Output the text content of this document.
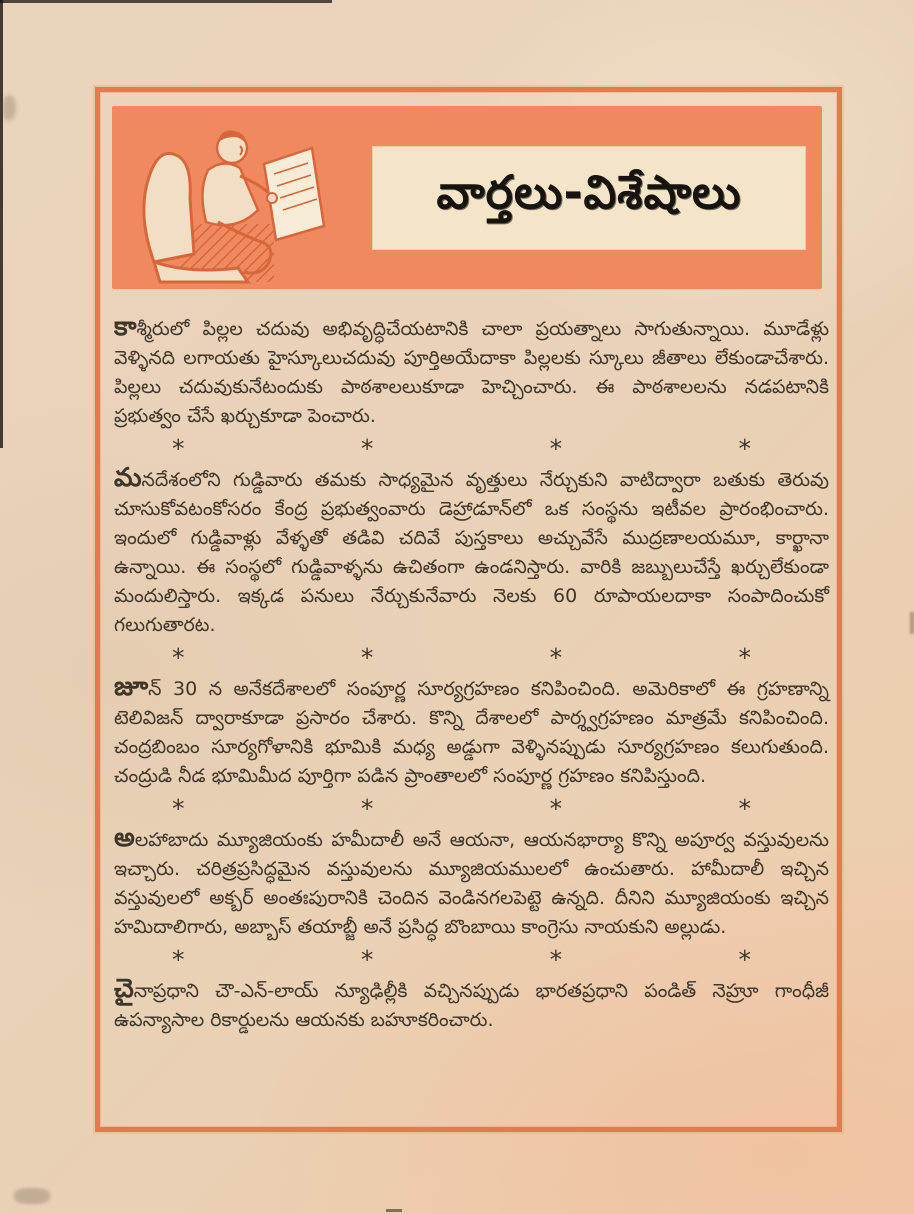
వార్తలు-విశేషాలు

కాశ్మీరులో పిల్లల చదువు అభివృద్ధిచేయటానికి చాలా ప్రయత్నాలు సాగుతున్నాయి. మూడేళ్లు వెళ్ళినది లగాయతు హైస్కూలుచదువు పూర్తిఅయేదాకా పిల్లలకు స్కూలు జీతాలు లేకుండాచేశారు. పిల్లలు చదువుకునేటందుకు పాఠశాలలుకూడా హెచ్చించారు. ఈ పాఠశాలలను నడపటానికి ప్రభుత్వం చేసే ఖర్చుకూడా పెంచారు.

*	*	*	*

మనదేశంలోని గుడ్డివారు తమకు సాధ్యమైన వృత్తులు నేర్చుకుని వాటిద్వారా బతుకు తెరువు చూసుకోవటంకోసరం కేంద్ర ప్రభుత్వంవారు డెహ్రాడూన్‌లో ఒక సంస్థను ఇటీవల ప్రారంభించారు. ఇందులో గుడ్డివాళ్లు వేళ్ళతో తడివి చదివే పుస్తకాలు అచ్చువేసే ముద్రణాలయమూ, కార్ఖానా ఉన్నాయి. ఈ సంస్థలో గుడ్డివాళ్ళను ఉచితంగా ఉండనిస్తారు. వారికి జబ్బులుచేస్తే ఖర్చులేకుండా మందులిస్తారు. ఇక్కడ పనులు నేర్చుకునేవారు నెలకు 60 రూపాయలదాకా సంపాదించుకో గలుగుతారట.

*	*	*	*

జూన్ 30 న అనేకదేశాలలో సంపూర్ణ సూర్యగ్రహణం కనిపించింది. అమెరికాలో ఈ గ్రహణాన్ని టెలివిజన్ ద్వారాకూడా ప్రసారం చేశారు. కొన్ని దేశాలలో పార్శ్వగ్రహణం మాత్రమే కనిపించింది. చంద్రబింబం సూర్యగోళానికి భూమికి మధ్య అడ్డుగా వెళ్ళినప్పుడు సూర్యగ్రహణం కలుగుతుంది. చంద్రుడి నీడ భూమిమీద పూర్తిగా పడిన ప్రాంతాలలో సంపూర్ణ గ్రహణం కనిపిస్తుంది.

*	*	*	*

అలహాబాదు మ్యూజియంకు హమీదాలీ అనే ఆయనా, ఆయనభార్యా కొన్ని అపూర్వ వస్తువులను ఇచ్చారు. చరిత్రప్రసిద్ధమైన వస్తువులను మ్యూజియములలో ఉంచుతారు. హామీదాలీ ఇచ్చిన వస్తువులలో అక్బర్ అంతఃపురానికి చెందిన వెండినగలపెట్టె ఉన్నది. దీనిని మ్యూజియంకు ఇచ్చిన హమిదాలిగారు, అబ్బాస్ తయాబ్జీ అనే ప్రసిద్ధ బొంబాయి కాంగ్రెసు నాయకుని అల్లుడు.

*	*	*	*

చైనాప్రధాని చౌ-ఎన్-లాయ్ న్యూఢిల్లీకి వచ్చినప్పుడు భారతప్రధాని పండిత్ నెహ్రూ గాంధీజీ ఉపన్యాసాల రికార్డులను ఆయనకు బహూకరించారు.
